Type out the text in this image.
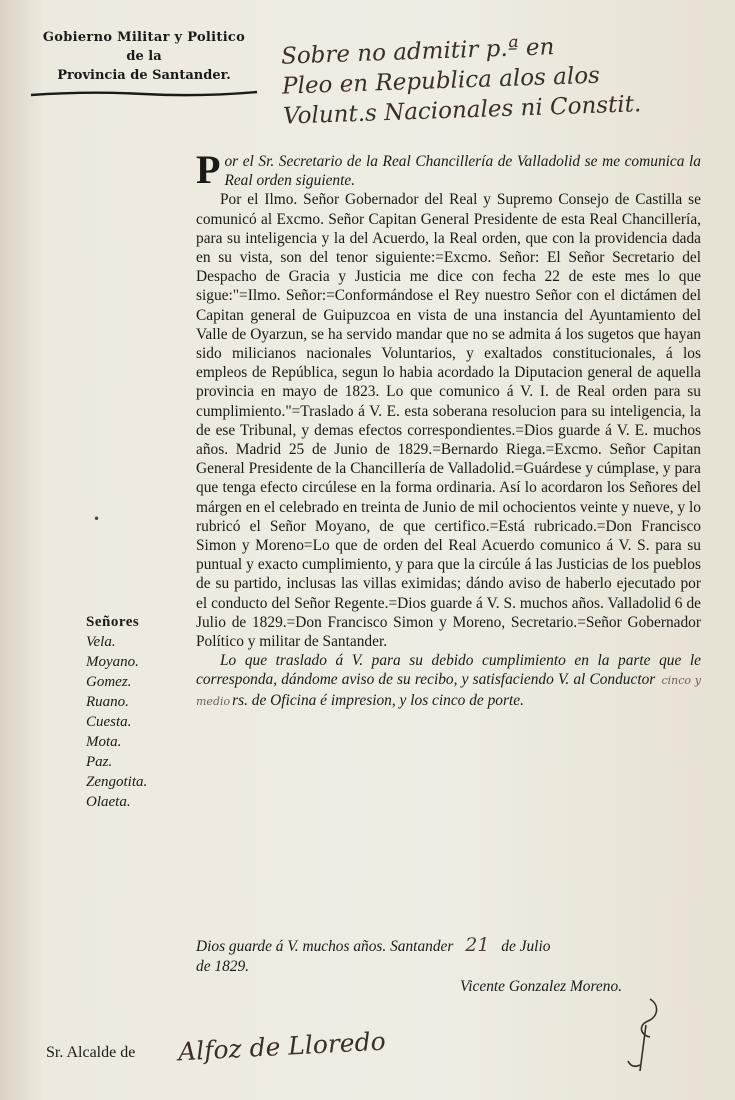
Gobierno Militar y Politico
de la
Provincia de Santander.
Sobre no admitir p.ª en
Pleo en Republica alos alos
Volunt.s Nacionales ni Constit.

Por el Sr. Secretario de la Real Chancillería de Valladolid se me comunica la Real orden siguiente.

Por el Ilmo. Señor Gobernador del Real y Supremo Consejo de Castilla se comunicó al Excmo. Señor Capitan General Presidente de esta Real Chancillería, para su inteligencia y la del Acuerdo, la Real orden, que con la providencia dada en su vista, son del tenor siguiente:=Excmo. Señor: El Señor Secretario del Despacho de Gracia y Justicia me dice con fecha 22 de este mes lo que sigue:"=Ilmo. Señor:=Conformándose el Rey nuestro Señor con el dictámen del Capitan general de Guipuzcoa en vista de una instancia del Ayuntamiento del Valle de Oyarzun, se ha servido mandar que no se admita á los sugetos que hayan sido milicianos nacionales Voluntarios, y exaltados constitucionales, á los empleos de República, segun lo habia acordado la Diputacion general de aquella provincia en mayo de 1823. Lo que comunico á V. I. de Real orden para su cumplimiento."=Traslado á V. E. esta soberana resolucion para su inteligencia, la de ese Tribunal, y demas efectos correspondientes.=Dios guarde á V. E. muchos años. Madrid 25 de Junio de 1829.=Bernardo Riega.=Excmo. Señor Capitan General Presidente de la Chancillería de Valladolid.=Guárdese y cúmplase, y para que tenga efecto circúlese en la forma ordinaria. Así lo acordaron los Señores del márgen en el celebrado en treinta de Junio de mil ochocientos veinte y nueve, y lo rubricó el Señor Moyano, de que certifico.=Está rubricado.=Don Francisco Simon y Moreno=Lo que de orden del Real Acuerdo comunico á V. S. para su puntual y exacto cumplimiento, y para que la circúle á las Justicias de los pueblos de su partido, inclusas las villas eximidas; dándo aviso de haberlo ejecutado por el conducto del Señor Regente.=Dios guarde á V. S. muchos años. Valladolid 6 de Julio de 1829.=Don Francisco Simon y Moreno, Secretario.=Señor Gobernador Político y militar de Santander.

Lo que traslado á V. para su debido cumplimiento en la parte que le corresponda, dándome aviso de su recibo, y satisfaciendo V. al Conductor cinco y medio rs. de Oficina é impresion, y los cinco de porte.

•
Señores
Vela.
Moyano.
Gomez.
Ruano.
Cuesta.
Mota.
Paz.
Zengotita.
Olaeta.
Dios guarde á V. muchos años. Santander 21 de Julio
de 1829.
Vicente Gonzalez Moreno.
Sr. Alcalde de Alfoz de Lloredo
